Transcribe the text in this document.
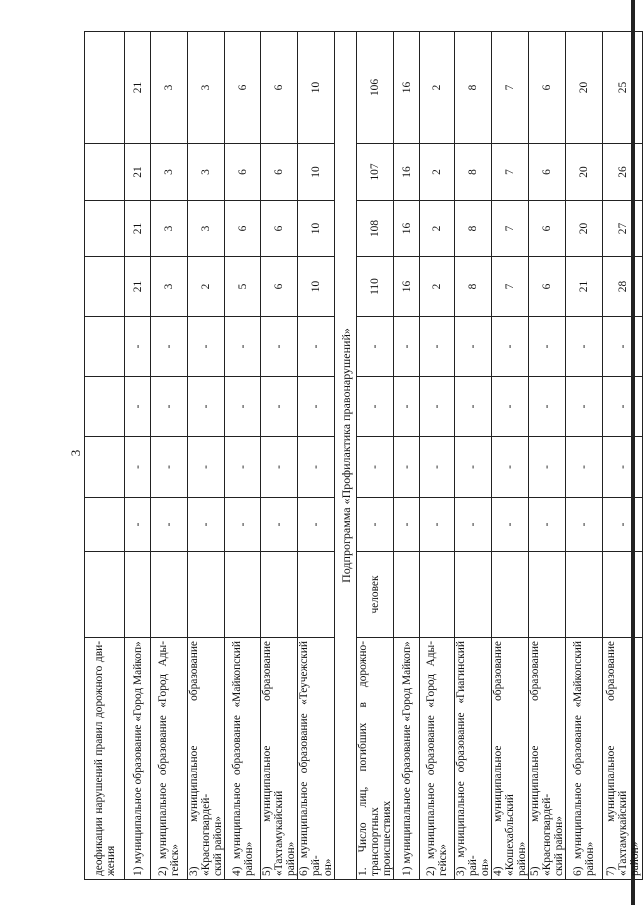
3
деофикации нарушений правил дорожного дви- жения									

1) муниципальное образование «Город Майкоп»		-	-	-	-	21	21	21	21

2) муниципальное образование «Город Ады- гейск»		-	-	-	-	3	3	3	3

3) муниципальное образование «Красногвардей- ский район»		-	-	-	-	2	3	3	3

4) муниципальное образование «Майкопский район»		-	-	-	-	5	6	6	6

5) муниципальное образование «Тахтамукайский район»		-	-	-	-	6	6	6	6

6) муниципальное образование «Теучежский рай- он»		-	-	-	-	10	10	10	10
Подпрограмма «Профилактика правонарушений»									

1. Число лиц, погибших в дорожно-транспортных происшествиях	человек	-	-	-	-	110	108	107	106

1) муниципальное образование «Город Майкоп»		-	-	-	-	16	16	16	16

2) муниципальное образование «Город Ады- гейск»		-	-	-	-	2	2	2	2

3) муниципальное образование «Гиагинский рай- он»		-	-	-	-	8	8	8	8

4) муниципальное образование «Кошехабльский район»		-	-	-	-	7	7	7	7

5) муниципальное образование «Красногвардей- ский район»		-	-	-	-	6	6	6	6

6) муниципальное образование «Майкопский район»		-	-	-	-	21	20	20	20

7) муниципальное образование «Тахтамукайский район»		-	-	-	-	28	27	26	25
